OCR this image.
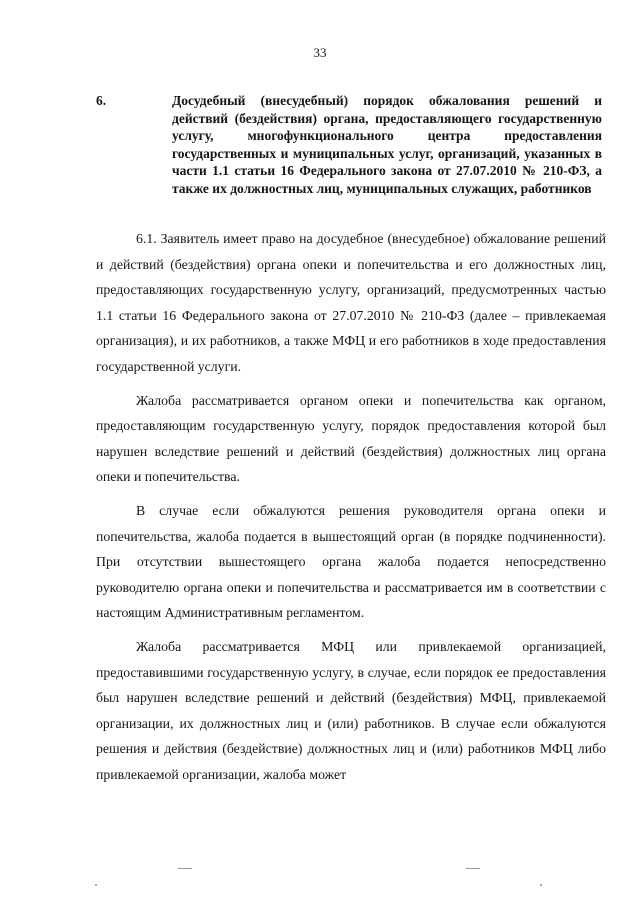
33
6.	Досудебный (внесудебный) порядок обжалования решений и действий (бездействия) органа, предоставляющего государственную услугу, многофункционального центра предоставления государственных и муниципальных услуг, организаций, указанных в части 1.1 статьи 16 Федерального закона от 27.07.2010 № 210-ФЗ, а также их должностных лиц, муниципальных служащих, работников

6.1. Заявитель имеет право на досудебное (внесудебное) обжалование решений и действий (бездействия) органа опеки и попечительства и его должностных лиц, предоставляющих государственную услугу, организаций, предусмотренных частью 1.1 статьи 16 Федерального закона от 27.07.2010 № 210-ФЗ (далее – привлекаемая организация), и их работников, а также МФЦ и его работников в ходе предоставления государственной услуги.

Жалоба рассматривается органом опеки и попечительства как органом, предоставляющим государственную услугу, порядок предоставления которой был нарушен вследствие решений и действий (бездействия) должностных лиц органа опеки и попечительства.

В случае если обжалуются решения руководителя органа опеки и попечительства, жалоба подается в вышестоящий орган (в порядке подчиненности). При отсутствии вышестоящего органа жалоба подается непосредственно руководителю органа опеки и попечительства и рассматривается им в соответствии с настоящим Административным регламентом.

Жалоба рассматривается МФЦ или привлекаемой организацией, предоставившими государственную услугу, в случае, если порядок ее предоставления был нарушен вследствие решений и действий (бездействия) МФЦ, привлекаемой организации, их должностных лиц и (или) работников. В случае если обжалуются решения и действия (бездействие) должностных лиц и (или) работников МФЦ либо привлекаемой организации, жалоба может
